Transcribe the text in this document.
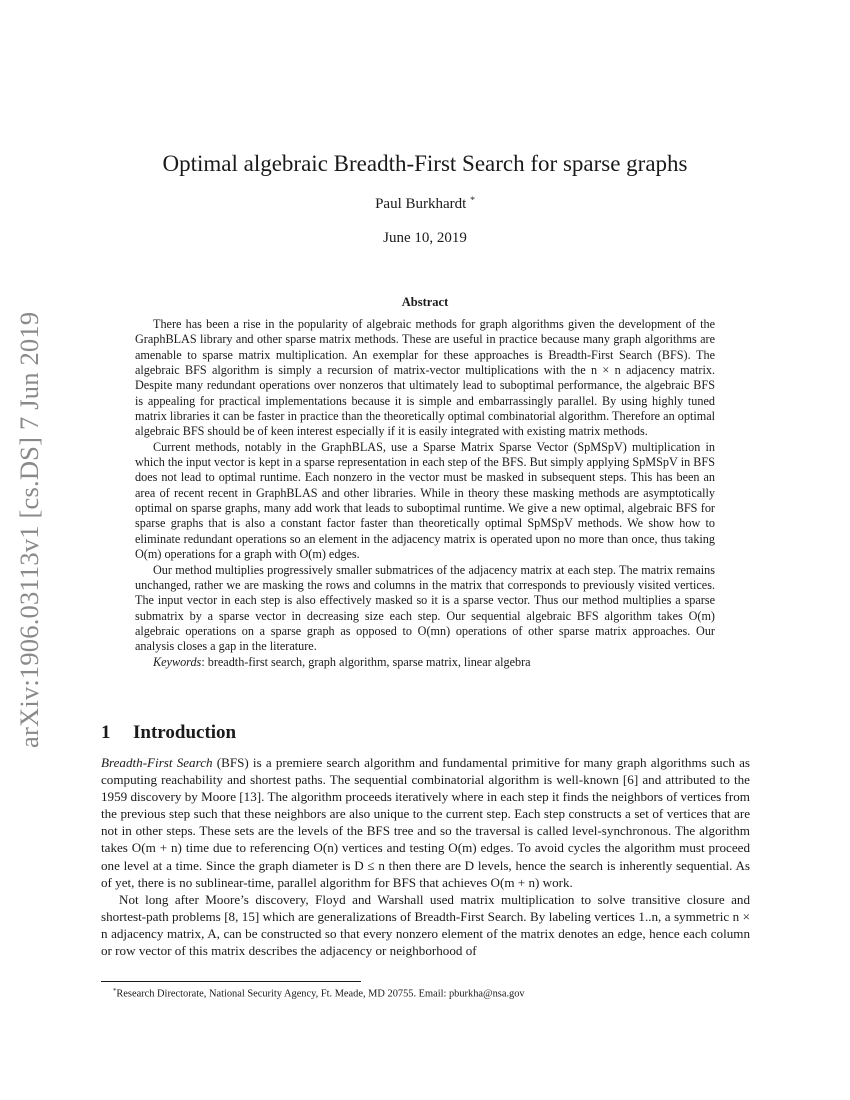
arXiv:1906.03113v1 [cs.DS] 7 Jun 2019
Optimal algebraic Breadth-First Search for sparse graphs
Paul Burkhardt *
June 10, 2019
Abstract

There has been a rise in the popularity of algebraic methods for graph algorithms given the development of the GraphBLAS library and other sparse matrix methods. These are useful in practice because many graph algorithms are amenable to sparse matrix multiplication. An exemplar for these approaches is Breadth-First Search (BFS). The algebraic BFS algorithm is simply a recursion of matrix-vector multiplications with the n × n adjacency matrix. Despite many redundant operations over nonzeros that ultimately lead to suboptimal performance, the algebraic BFS is appealing for practical implementations because it is simple and embarrassingly parallel. By using highly tuned matrix libraries it can be faster in practice than the theoretically optimal combinatorial algorithm. Therefore an optimal algebraic BFS should be of keen interest especially if it is easily integrated with existing matrix methods.

Current methods, notably in the GraphBLAS, use a Sparse Matrix Sparse Vector (SpMSpV) multiplication in which the input vector is kept in a sparse representation in each step of the BFS. But simply applying SpMSpV in BFS does not lead to optimal runtime. Each nonzero in the vector must be masked in subsequent steps. This has been an area of recent recent in GraphBLAS and other libraries. While in theory these masking methods are asymptotically optimal on sparse graphs, many add work that leads to suboptimal runtime. We give a new optimal, algebraic BFS for sparse graphs that is also a constant factor faster than theoretically optimal SpMSpV methods. We show how to eliminate redundant operations so an element in the adjacency matrix is operated upon no more than once, thus taking O(m) operations for a graph with O(m) edges.

Our method multiplies progressively smaller submatrices of the adjacency matrix at each step. The matrix remains unchanged, rather we are masking the rows and columns in the matrix that corresponds to previously visited vertices. The input vector in each step is also effectively masked so it is a sparse vector. Thus our method multiplies a sparse submatrix by a sparse vector in decreasing size each step. Our sequential algebraic BFS algorithm takes O(m) algebraic operations on a sparse graph as opposed to O(mn) operations of other sparse matrix approaches. Our analysis closes a gap in the literature.

Keywords: breadth-first search, graph algorithm, sparse matrix, linear algebra

1 Introduction

Breadth-First Search (BFS) is a premiere search algorithm and fundamental primitive for many graph algorithms such as computing reachability and shortest paths. The sequential combinatorial algorithm is well-known [6] and attributed to the 1959 discovery by Moore [13]. The algorithm proceeds iteratively where in each step it finds the neighbors of vertices from the previous step such that these neighbors are also unique to the current step. Each step constructs a set of vertices that are not in other steps. These sets are the levels of the BFS tree and so the traversal is called level-synchronous. The algorithm takes O(m + n) time due to referencing O(n) vertices and testing O(m) edges. To avoid cycles the algorithm must proceed one level at a time. Since the graph diameter is D ≤ n then there are D levels, hence the search is inherently sequential. As of yet, there is no sublinear-time, parallel algorithm for BFS that achieves O(m + n) work.

Not long after Moore’s discovery, Floyd and Warshall used matrix multiplication to solve transitive closure and shortest-path problems [8, 15] which are generalizations of Breadth-First Search. By labeling vertices 1..n, a symmetric n × n adjacency matrix, A, can be constructed so that every nonzero element of the matrix denotes an edge, hence each column or row vector of this matrix describes the adjacency or neighborhood of

*Research Directorate, National Security Agency, Ft. Meade, MD 20755. Email: pburkha@nsa.gov
